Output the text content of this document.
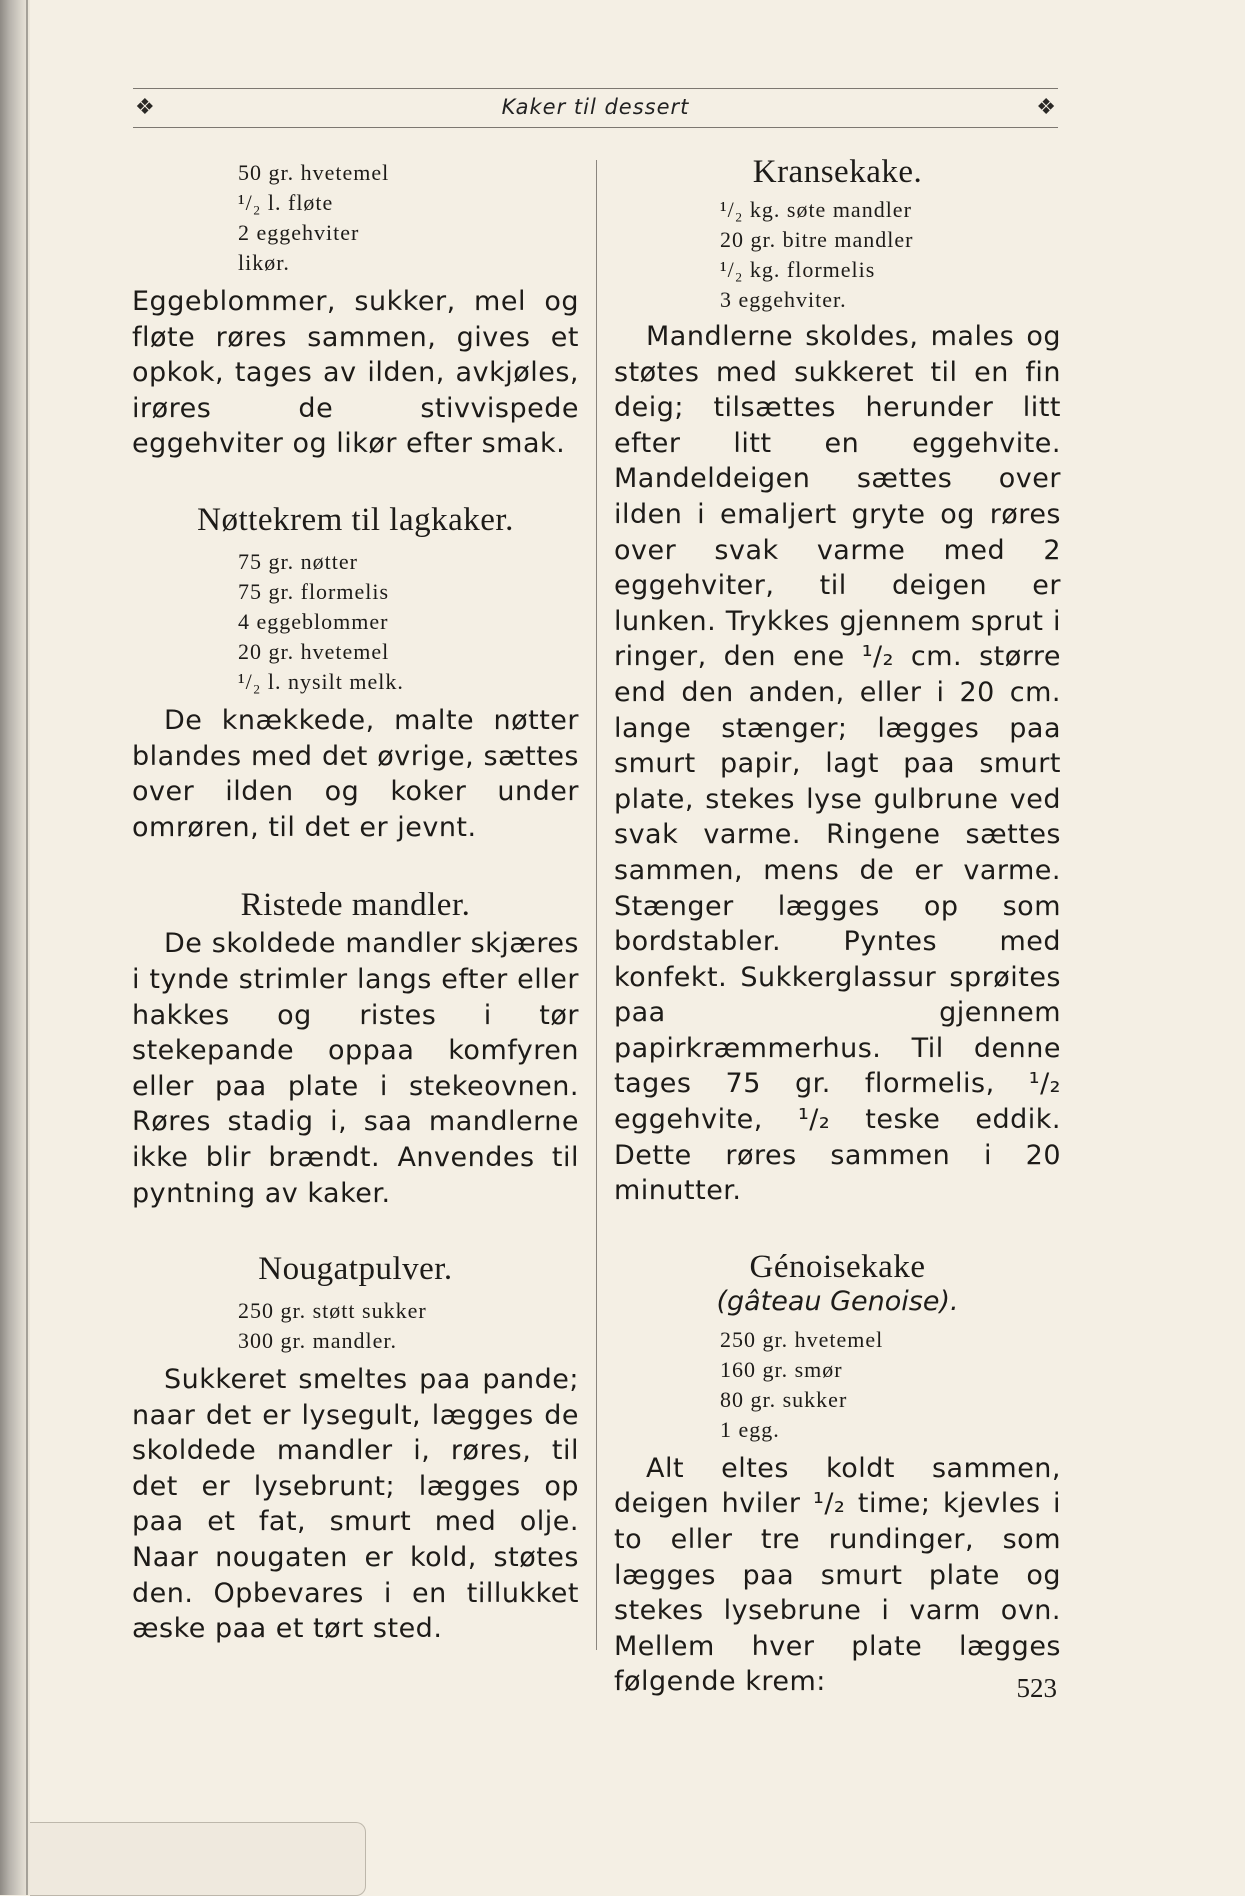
❖	Kaker til dessert	❖
50 gr. hvetemel
¹/₂ l. fløte
2 eggehviter
likør.

Eggeblommer, sukker, mel og fløte røres sammen, gives et opkok, tages av ilden, avkjøles, irøres de stivvispede eggehviter og likør efter smak.

Nøttekrem til lagkaker.
75 gr. nøtter
75 gr. flormelis
4 eggeblommer
20 gr. hvetemel
¹/₂ l. nysilt melk.

De knækkede, malte nøtter blandes med det øvrige, sættes over ilden og koker under omrøren, til det er jevnt.

Ristede mandler.

De skoldede mandler skjæres i tynde strimler langs efter eller hakkes og ristes i tør stekepande oppaa komfyren eller paa plate i stekeovnen. Røres stadig i, saa mandlerne ikke blir brændt. Anvendes til pyntning av kaker.

Nougatpulver.
250 gr. støtt sukker
300 gr. mandler.

Sukkeret smeltes paa pande; naar det er lysegult, lægges de skoldede mandler i, røres, til det er lysebrunt; lægges op paa et fat, smurt med olje. Naar nougaten er kold, støtes den. Opbevares i en tillukket æske paa et tørt sted.

Kransekake.
¹/₂ kg. søte mandler
20 gr. bitre mandler
¹/₂ kg. flormelis
3 eggehviter.

Mandlerne skoldes, males og støtes med sukkeret til en fin deig; tilsættes herunder litt efter litt en eggehvite. Mandeldeigen sættes over ilden i emaljert gryte og røres over svak varme med 2 eggehviter, til deigen er lunken. Trykkes gjennem sprut i ringer, den ene ¹/₂ cm. større end den anden, eller i 20 cm. lange stænger; lægges paa smurt papir, lagt paa smurt plate, stekes lyse gulbrune ved svak varme. Ringene sættes sammen, mens de er varme. Stænger lægges op som bordstabler. Pyntes med konfekt. Sukkerglassur sprøites paa gjennem papirkræmmerhus. Til denne tages 75 gr. flormelis, ¹/₂ eggehvite, ¹/₂ teske eddik. Dette røres sammen i 20 minutter.

Génoisekake

(gâteau Genoise).

250 gr. hvetemel
160 gr. smør
80 gr. sukker
1 egg.

Alt eltes koldt sammen, deigen hviler ¹/₂ time; kjevles i to eller tre rundinger, som lægges paa smurt plate og stekes lysebrune i varm ovn. Mellem hver plate lægges følgende krem:	523
